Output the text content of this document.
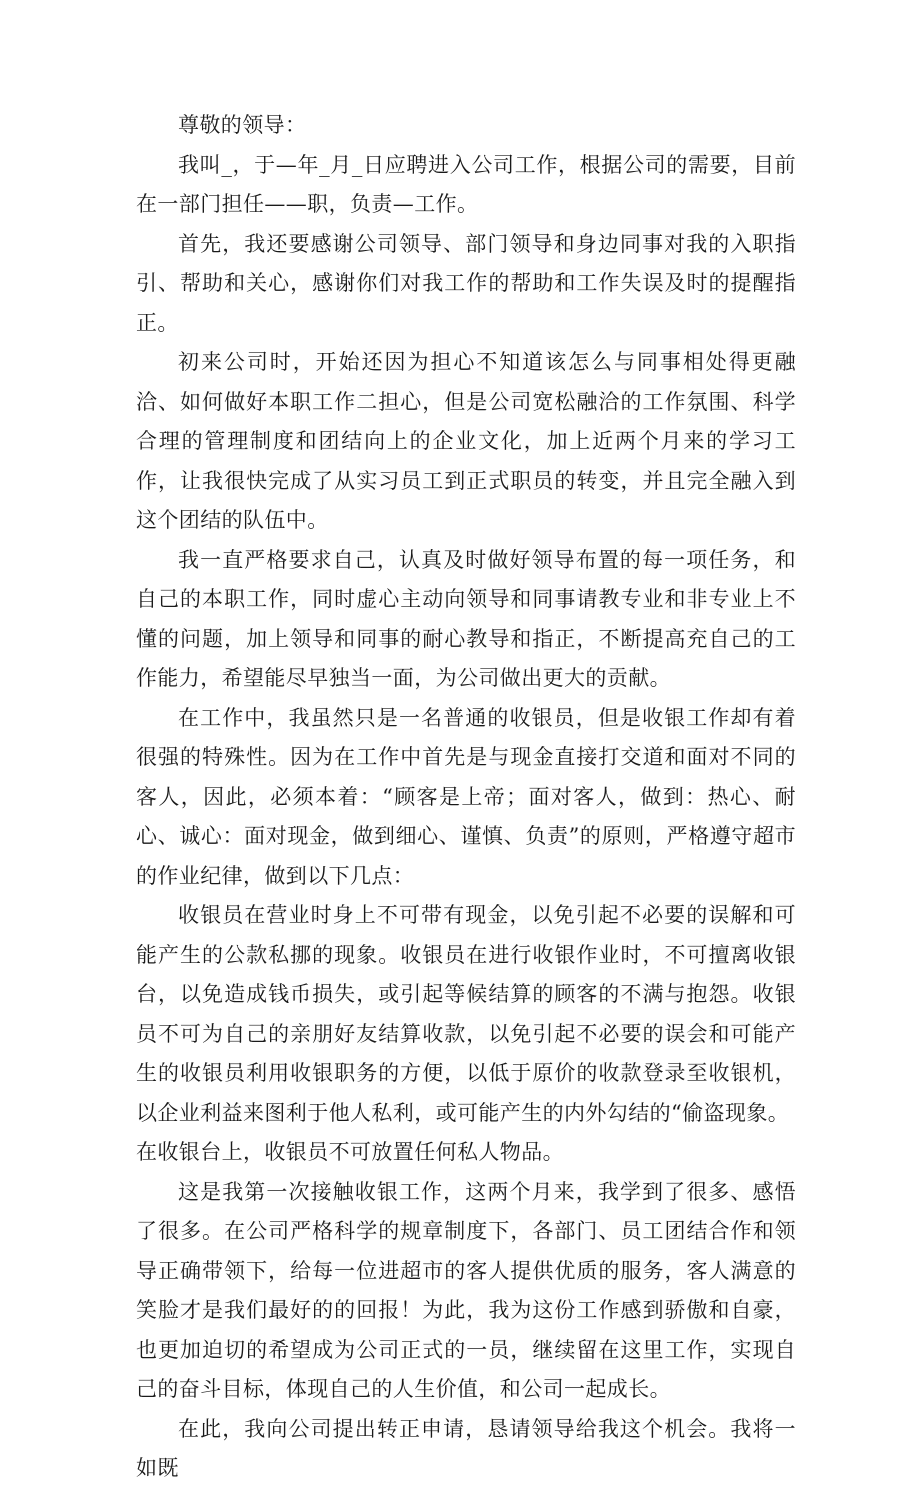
尊敬的领导：

我叫_，于—年_月_日应聘进入公司工作，根据公司的需要，目前在一部门担任——职，负责—工作。

首先，我还要感谢公司领导、部门领导和身边同事对我的入职指引、帮助和关心，感谢你们对我工作的帮助和工作失误及时的提醒指正。

初来公司时，开始还因为担心不知道该怎么与同事相处得更融洽、如何做好本职工作二担心，但是公司宽松融洽的工作氛围、科学合理的管理制度和团结向上的企业文化，加上近两个月来的学习工作，让我很快完成了从实习员工到正式职员的转变，并且完全融入到这个团结的队伍中。

我一直严格要求自己，认真及时做好领导布置的每一项任务，和自己的本职工作，同时虚心主动向领导和同事请教专业和非专业上不懂的问题，加上领导和同事的耐心教导和指正，不断提高充自己的工作能力，希望能尽早独当一面，为公司做出更大的贡献。

在工作中，我虽然只是一名普通的收银员，但是收银工作却有着很强的特殊性。因为在工作中首先是与现金直接打交道和面对不同的客人，因此，必须本着：“顾客是上帝；面对客人，做到：热心、耐心、诚心：面对现金，做到细心、谨慎、负责”的原则，严格遵守超市的作业纪律，做到以下几点：

收银员在营业时身上不可带有现金，以免引起不必要的误解和可能产生的公款私挪的现象。收银员在进行收银作业时，不可擅离收银台，以免造成钱币损失，或引起等候结算的顾客的不满与抱怨。收银员不可为自己的亲朋好友结算收款，以免引起不必要的误会和可能产生的收银员利用收银职务的方便，以低于原价的收款登录至收银机，以企业利益来图利于他人私利，或可能产生的内外勾结的“偷盗现象。

在收银台上，收银员不可放置任何私人物品。

这是我第一次接触收银工作，这两个月来，我学到了很多、感悟了很多。在公司严格科学的规章制度下，各部门、员工团结合作和领导正确带领下，给每一位进超市的客人提供优质的服务，客人满意的笑脸才是我们最好的的回报！为此，我为这份工作感到骄傲和自豪，也更加迫切的希望成为公司正式的一员，继续留在这里工作，实现自己的奋斗目标，体现自己的人生价值，和公司一起成长。

在此，我向公司提出转正申请，恳请领导给我这个机会。我将一如既
